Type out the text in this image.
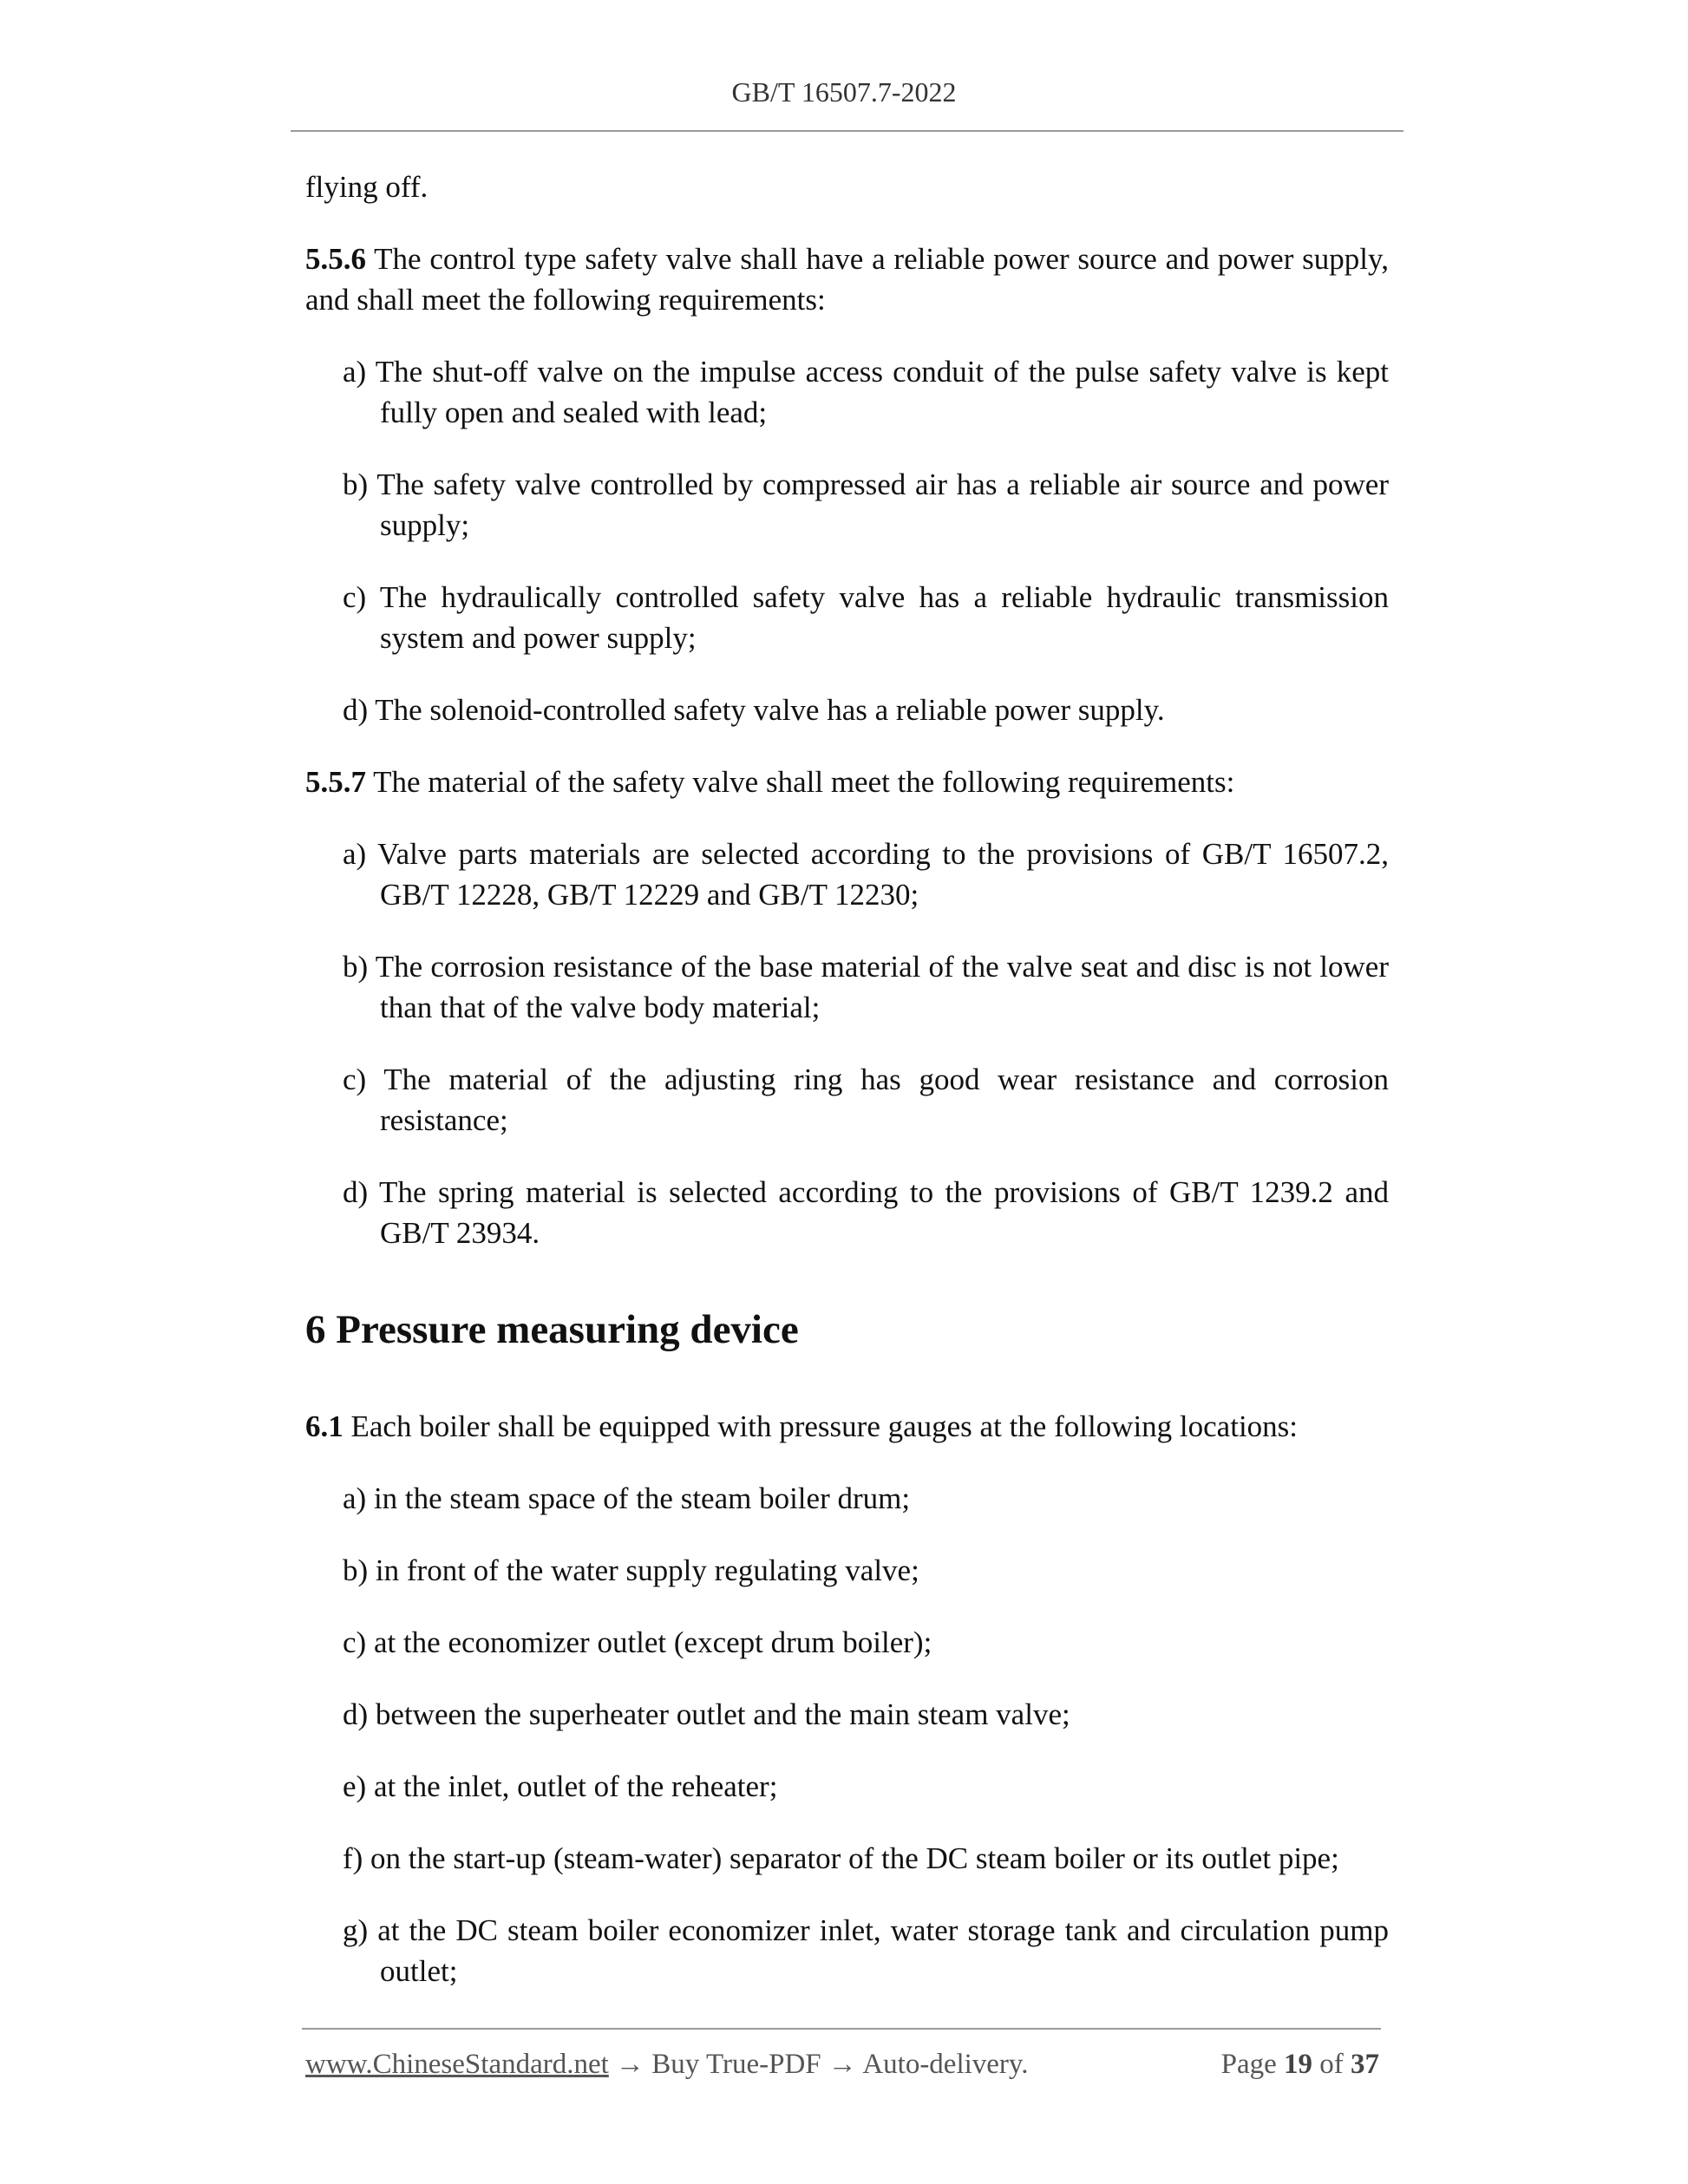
GB/T 16507.7-2022

flying off.

5.5.6 The control type safety valve shall have a reliable power source and power supply, and shall meet the following requirements:

a) The shut-off valve on the impulse access conduit of the pulse safety valve is kept fully open and sealed with lead;

b) The safety valve controlled by compressed air has a reliable air source and power supply;

c) The hydraulically controlled safety valve has a reliable hydraulic transmission system and power supply;

d) The solenoid-controlled safety valve has a reliable power supply.

5.5.7 The material of the safety valve shall meet the following requirements:

a) Valve parts materials are selected according to the provisions of GB/T 16507.2, GB/T 12228, GB/T 12229 and GB/T 12230;

b) The corrosion resistance of the base material of the valve seat and disc is not lower than that of the valve body material;

c) The material of the adjusting ring has good wear resistance and corrosion resistance;

d) The spring material is selected according to the provisions of GB/T 1239.2 and GB/T 23934.

6 Pressure measuring device

6.1 Each boiler shall be equipped with pressure gauges at the following locations:

a) in the steam space of the steam boiler drum;

b) in front of the water supply regulating valve;

c) at the economizer outlet (except drum boiler);

d) between the superheater outlet and the main steam valve;

e) at the inlet, outlet of the reheater;

f) on the start-up (steam-water) separator of the DC steam boiler or its outlet pipe;

g) at the DC steam boiler economizer inlet, water storage tank and circulation pump outlet;

www.ChineseStandard.net → Buy True-PDF → Auto-delivery.	Page 19 of 37
